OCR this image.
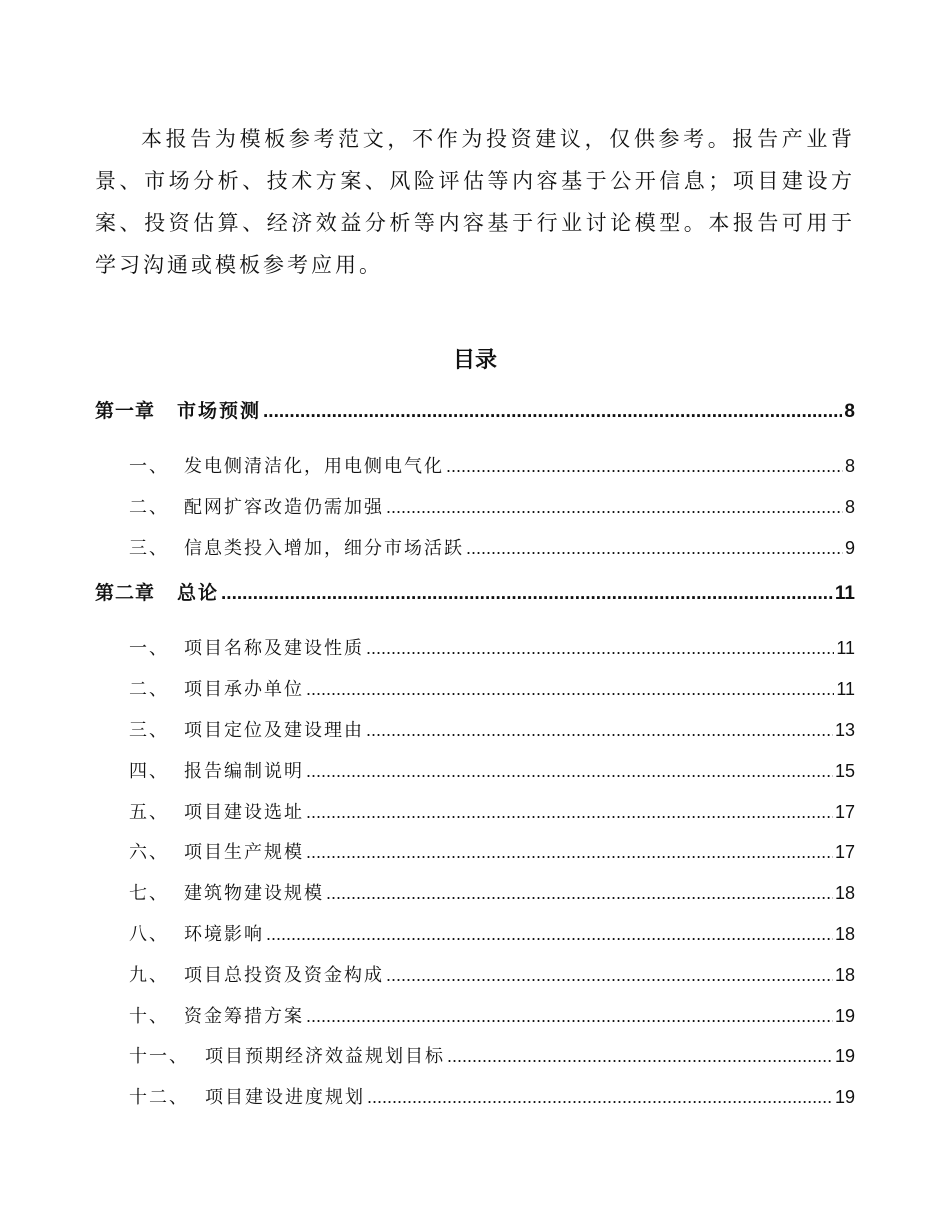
本报告为模板参考范文，不作为投资建议，仅供参考。报告产业背景、市场分析、技术方案、风险评估等内容基于公开信息；项目建设方案、投资估算、经济效益分析等内容基于行业讨论模型。本报告可用于学习沟通或模板参考应用。

目录
第一章	市场预测 .....	8
一、 发电侧清洁化，用电侧电气化 .....	8
二、 配网扩容改造仍需加强 .....	8
三、 信息类投入增加，细分市场活跃 .....	9
第二章	总论 .....	11
一、 项目名称及建设性质 .....	11
二、 项目承办单位 .....	11
三、 项目定位及建设理由 .....	13
四、 报告编制说明 .....	15
五、 项目建设选址 .....	17
六、 项目生产规模 .....	17
七、 建筑物建设规模 .....	18
八、 环境影响 .....	18
九、 项目总投资及资金构成 .....	18
十、 资金筹措方案 .....	19
十一、 项目预期经济效益规划目标 .....	19
十二、 项目建设进度规划 .....	19
